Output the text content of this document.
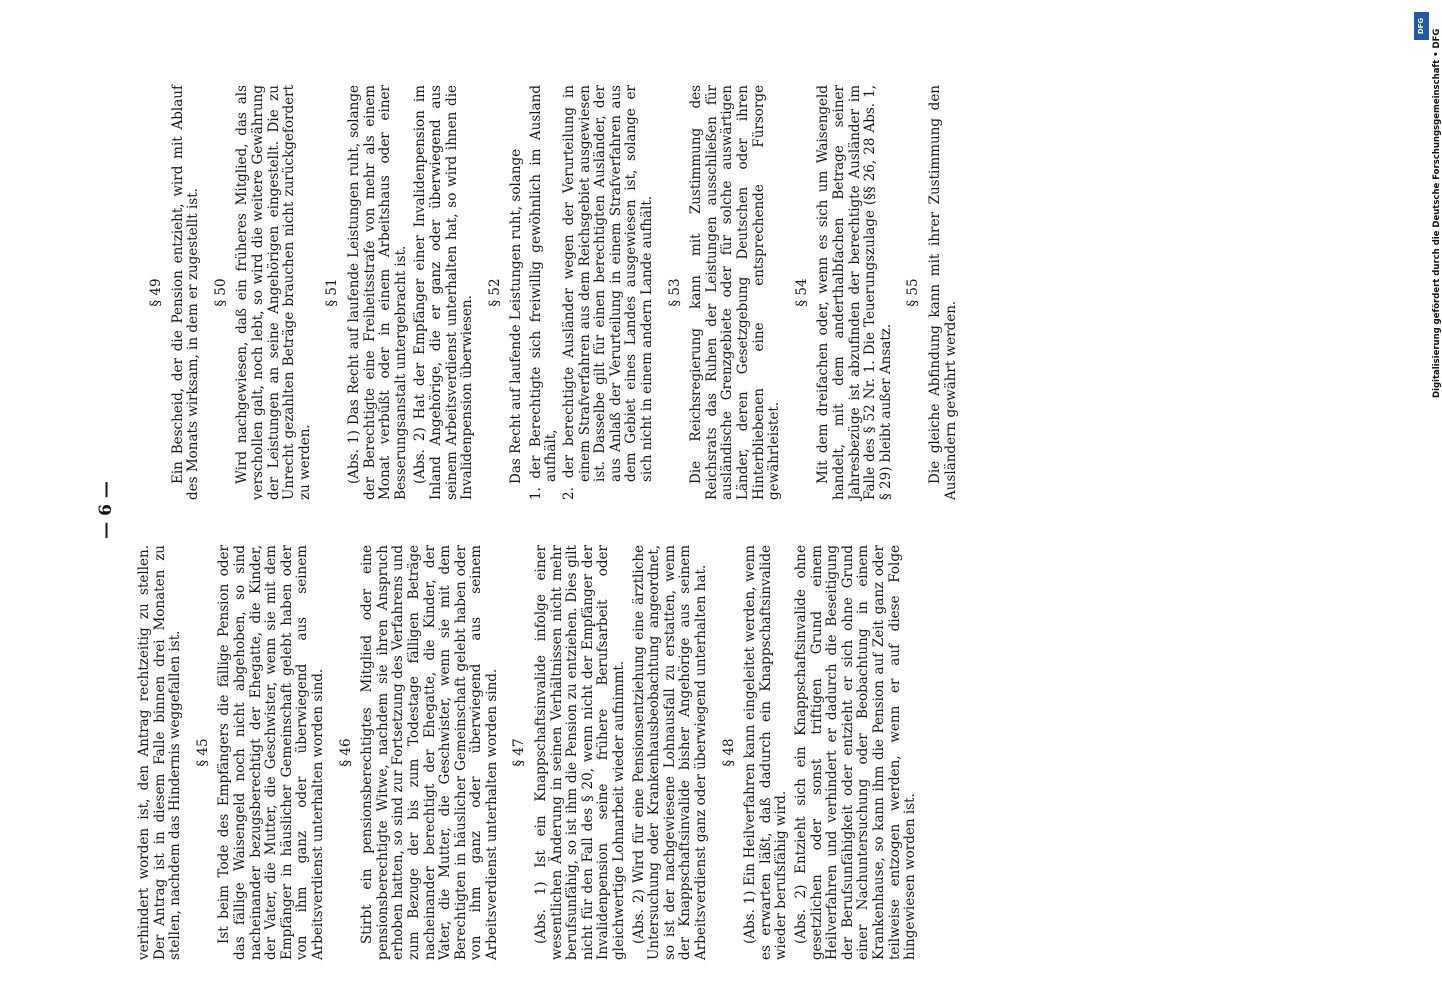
— 6 —

verhindert worden ist, den Antrag rechtzeitig zu stellen. Der Antrag ist in diesem Falle binnen drei Monaten zu stellen, nachdem das Hindernis weggefallen ist. § 45 Ist beim Tode des Empfängers die fällige Pension oder das fällige Waisengeld noch nicht abgehoben, so sind nacheinander bezugsberechtigt der Ehegatte, die Kinder, der Vater, die Mutter, die Geschwister, wenn sie mit dem Empfänger in häuslicher Gemeinschaft gelebt haben oder von ihm ganz oder überwiegend aus seinem Arbeitsverdienst unterhalten worden sind. § 46 Stirbt ein pensionsberechtigtes Mitglied oder eine pensionsberechtigte Witwe, nachdem sie ihren Anspruch erhoben hatten, so sind zur Fortsetzung des Verfahrens und zum Bezuge der bis zum Todestage fälligen Beträge nacheinander berechtigt der Ehegatte, die Kinder, der Vater, die Mutter, die Geschwister, wenn sie mit dem Berechtigten in häuslicher Gemeinschaft gelebt haben oder von ihm ganz oder überwiegend aus seinem Arbeitsverdienst unterhalten worden sind. § 47 (Abs. 1) Ist ein Knappschaftsinvalide infolge einer wesentlichen Änderung in seinen Verhältnissen nicht mehr berufsunfähig, so ist ihm die Pension zu entziehen. Dies gilt nicht für den Fall des § 20, wenn nicht der Empfänger der Invalidenpension seine frühere Berufsarbeit oder gleichwertige Lohnarbeit wieder aufnimmt. (Abs. 2) Wird für eine Pensionsentziehung eine ärztliche Untersuchung oder Krankenhausbeobachtung angeordnet, so ist der nachgewiesene Lohnausfall zu erstatten, wenn der Knappschaftsinvalide bisher Angehörige aus seinem Arbeitsverdienst ganz oder überwiegend unterhalten hat. § 48 (Abs. 1) Ein Heilverfahren kann eingeleitet werden, wenn es erwarten läßt, daß dadurch ein Knappschaftsinvalide wieder berufsfähig wird. (Abs. 2) Entzieht sich ein Knappschaftsinvalide ohne gesetzlichen oder sonst triftigen Grund einem Heilverfahren und verhindert er dadurch die Beseitigung der Berufsunfähigkeit oder entzieht er sich ohne Grund einer Nachuntersuchung oder Beobachtung in einem Krankenhause, so kann ihm die Pension auf Zeit ganz oder teilweise entzogen werden, wenn er auf diese Folge hingewiesen worden ist.

§ 49 Ein Bescheid, der die Pension entzieht, wird mit Ablauf des Monats wirksam, in dem er zugestellt ist. § 50 Wird nachgewiesen, daß ein früheres Mitglied, das als verschollen galt, noch lebt, so wird die weitere Gewährung der Leistungen an seine Angehörigen eingestellt. Die zu Unrecht gezahlten Beträge brauchen nicht zurückgefordert zu werden.

§ 51 (Abs. 1) Das Recht auf laufende Leistungen ruht, solange der Berechtigte eine Freiheitsstrafe von mehr als einem Monat verbüßt oder in einem Arbeitshaus oder einer Besserungsanstalt untergebracht ist. (Abs. 2) Hat der Empfänger einer Invalidenpension im Inland Angehörige, die er ganz oder überwiegend aus seinem Arbeitsverdienst unterhalten hat, so wird ihnen die Invalidenpension überwiesen.

§ 52 Das Recht auf laufende Leistungen ruht, solange 1. der Berechtigte sich freiwillig gewöhnlich im Ausland aufhält, 2. der berechtigte Ausländer wegen der Verurteilung in einem Strafverfahren aus dem Reichsgebiet ausgewiesen ist. Dasselbe gilt für einen berechtigten Ausländer, der aus Anlaß der Verurteilung in einem Strafverfahren aus dem Gebiet eines Landes ausgewiesen ist, solange er sich nicht in einem andern Lande aufhält. § 53 Die Reichsregierung kann mit Zustimmung des Reichsrats das Ruhen der Leistungen ausschließen für ausländische Grenzgebiete oder für solche auswärtigen Länder, deren Gesetzgebung Deutschen oder ihren Hinterbliebenen eine entsprechende Fürsorge gewährleistet.

§ 54 Mit dem dreifachen oder, wenn es sich um Waisengeld handelt, mit dem anderthalbfachen Betrage seiner Jahresbezüge ist abzufinden der berechtigte Ausländer im Falle des § 52 Nr. 1. Die Teuerungszulage (§§ 26, 28 Abs. 1, § 29) bleibt außer Ansatz.

§ 55 Die gleiche Abfindung kann mit ihrer Zustimmung den Ausländern gewährt werden.

DFG
Digitalisierung gefördert durch die Deutsche Forschungsgemeinschaft • DFG
